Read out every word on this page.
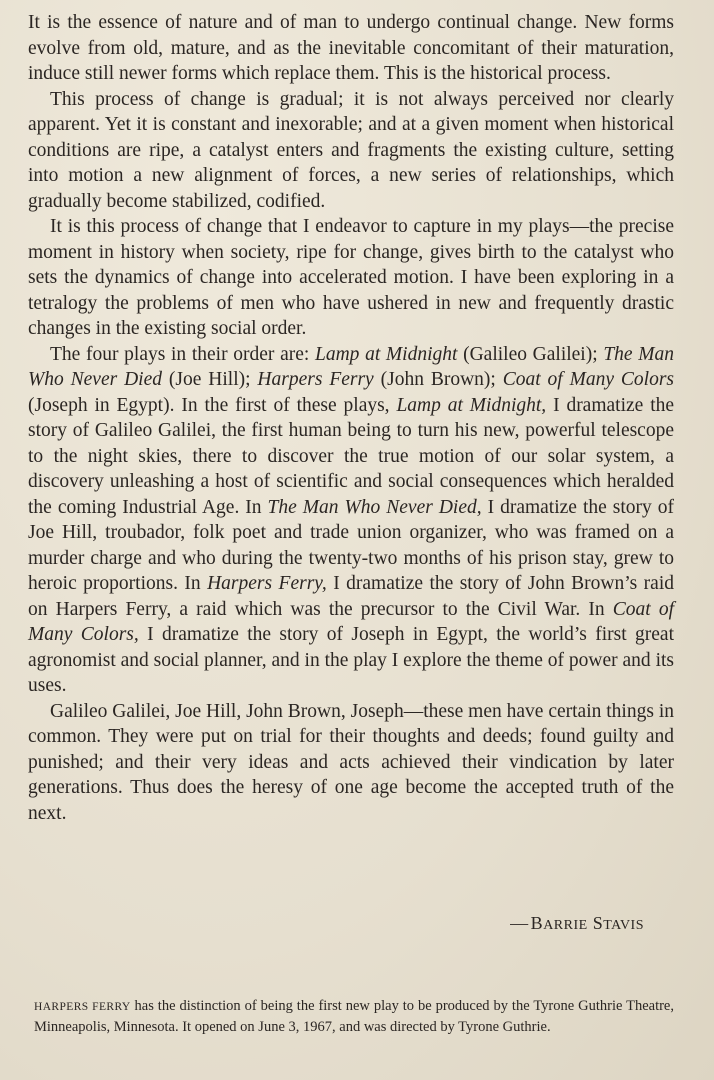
It is the essence of nature and of man to undergo continual change. New forms evolve from old, mature, and as the inevitable concomitant of their maturation, induce still newer forms which replace them. This is the historical process.

This process of change is gradual; it is not always perceived nor clearly apparent. Yet it is constant and inexorable; and at a given moment when historical conditions are ripe, a catalyst enters and fragments the existing culture, setting into motion a new alignment of forces, a new series of relationships, which gradually become stabilized, codified.

It is this process of change that I endeavor to capture in my plays—the precise moment in history when society, ripe for change, gives birth to the catalyst who sets the dynamics of change into accelerated motion. I have been exploring in a tetralogy the problems of men who have ushered in new and frequently drastic changes in the existing social order.

The four plays in their order are: Lamp at Midnight (Galileo Galilei); The Man Who Never Died (Joe Hill); Harpers Ferry (John Brown); Coat of Many Colors (Joseph in Egypt). In the first of these plays, Lamp at Midnight, I dramatize the story of Galileo Galilei, the first human being to turn his new, powerful telescope to the night skies, there to discover the true motion of our solar system, a discovery unleashing a host of scientific and social consequences which heralded the coming Industrial Age. In The Man Who Never Died, I dramatize the story of Joe Hill, troubador, folk poet and trade union organizer, who was framed on a murder charge and who during the twenty-two months of his prison stay, grew to heroic proportions. In Harpers Ferry, I dramatize the story of John Brown’s raid on Harpers Ferry, a raid which was the precursor to the Civil War. In Coat of Many Colors, I dramatize the story of Joseph in Egypt, the world’s first great agronomist and social planner, and in the play I explore the theme of power and its uses.

Galileo Galilei, Joe Hill, John Brown, Joseph—these men have certain things in common. They were put on trial for their thoughts and deeds; found guilty and punished; and their very ideas and acts achieved their vindication by later generations. Thus does the heresy of one age become the accepted truth of the next.

— BARRIE STAVIS

HARPERS FERRY has the distinction of being the first new play to be produced by the Tyrone Guthrie Theatre, Minneapolis, Minnesota. It opened on June 3, 1967, and was directed by Tyrone Guthrie.
